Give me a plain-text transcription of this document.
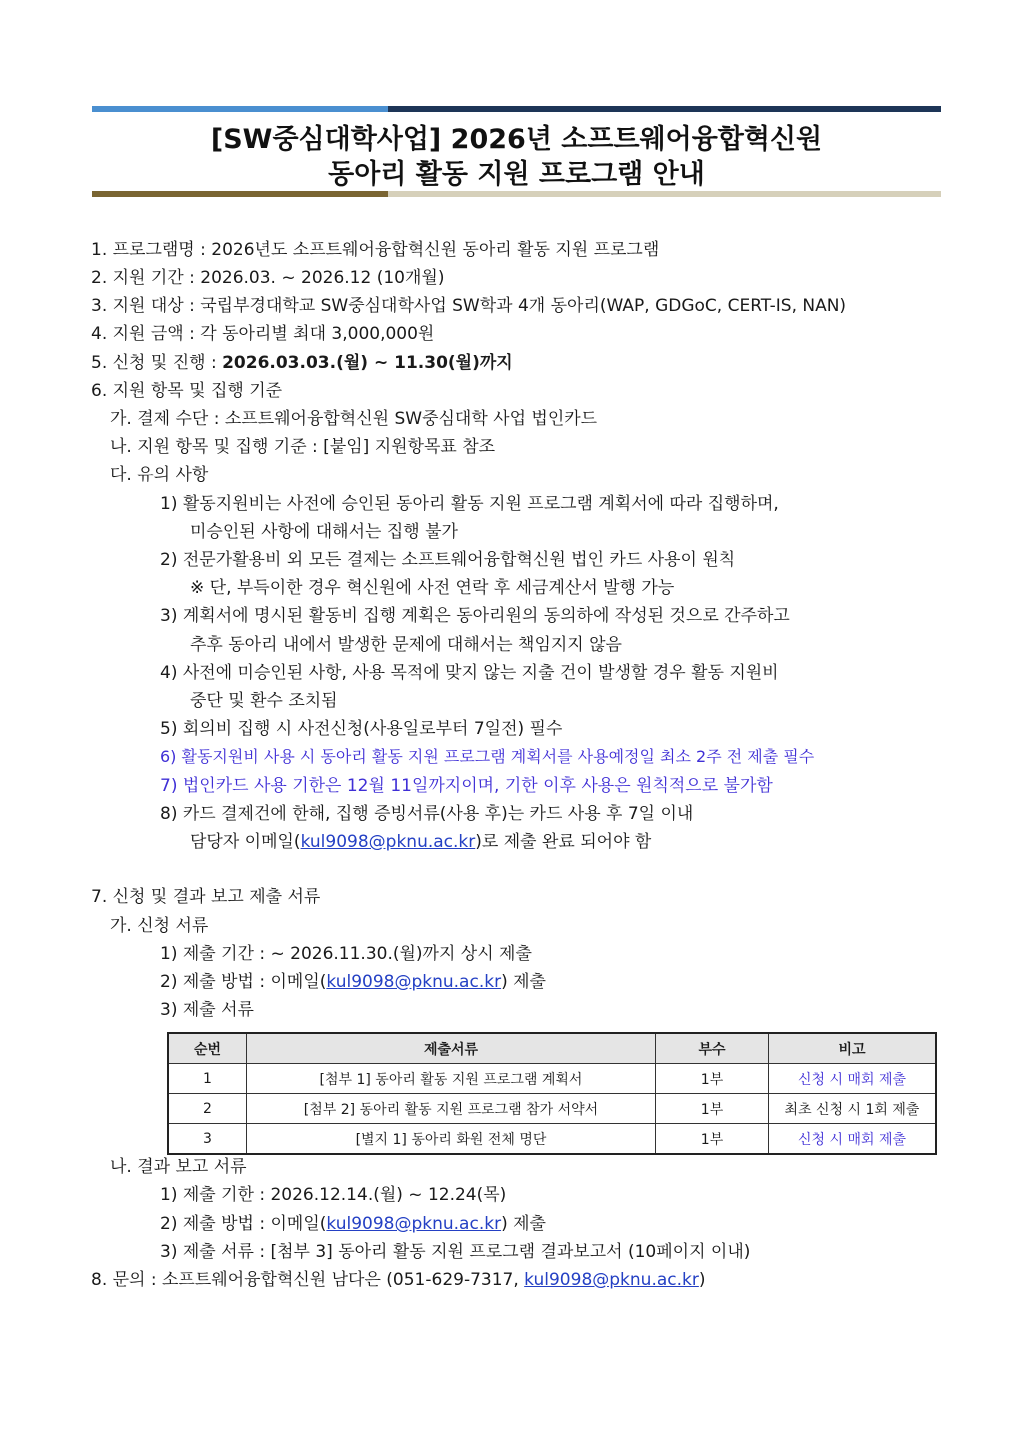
[SW중심대학사업] 2026년 소프트웨어융합혁신원
동아리 활동 지원 프로그램 안내
1. 프로그램명 : 2026년도 소프트웨어융합혁신원 동아리 활동 지원 프로그램
2. 지원 기간 : 2026.03. ~ 2026.12 (10개월)
3. 지원 대상 : 국립부경대학교 SW중심대학사업 SW학과 4개 동아리(WAP, GDGoC, CERT-IS, NAN)
4. 지원 금액 : 각 동아리별 최대 3,000,000원
5. 신청 및 진행 : 2026.03.03.(월) ~ 11.30(월)까지
6. 지원 항목 및 집행 기준
가. 결제 수단 : 소프트웨어융합혁신원 SW중심대학 사업 법인카드
나. 지원 항목 및 집행 기준 : [붙임] 지원항목표 참조
다. 유의 사항
1) 활동지원비는 사전에 승인된 동아리 활동 지원 프로그램 계획서에 따라 집행하며,
미승인된 사항에 대해서는 집행 불가
2) 전문가활용비 외 모든 결제는 소프트웨어융합혁신원 법인 카드 사용이 원칙
※ 단, 부득이한 경우 혁신원에 사전 연락 후 세금계산서 발행 가능
3) 계획서에 명시된 활동비 집행 계획은 동아리원의 동의하에 작성된 것으로 간주하고
추후 동아리 내에서 발생한 문제에 대해서는 책임지지 않음
4) 사전에 미승인된 사항, 사용 목적에 맞지 않는 지출 건이 발생할 경우 활동 지원비
중단 및 환수 조치됨
5) 회의비 집행 시 사전신청(사용일로부터 7일전) 필수
6) 활동지원비 사용 시 동아리 활동 지원 프로그램 계획서를 사용예정일 최소 2주 전 제출 필수
7) 법인카드 사용 기한은 12월 11일까지이며, 기한 이후 사용은 원칙적으로 불가함
8) 카드 결제건에 한해, 집행 증빙서류(사용 후)는 카드 사용 후 7일 이내
담당자 이메일(kul9098@pknu.ac.kr)로 제출 완료 되어야 함
7. 신청 및 결과 보고 제출 서류
가. 신청 서류
1) 제출 기간 : ~ 2026.11.30.(월)까지 상시 제출
2) 제출 방법 : 이메일(kul9098@pknu.ac.kr) 제출
3) 제출 서류
순번	제출서류	부수	비고
1	[첨부 1] 동아리 활동 지원 프로그램 계획서	1부	신청 시 매회 제출
2	[첨부 2] 동아리 활동 지원 프로그램 참가 서약서	1부	최초 신청 시 1회 제출
3	[별지 1] 동아리 화원 전체 명단	1부	신청 시 매회 제출
나. 결과 보고 서류
1) 제출 기한 : 2026.12.14.(월) ~ 12.24(목)
2) 제출 방법 : 이메일(kul9098@pknu.ac.kr) 제출
3) 제출 서류 : [첨부 3] 동아리 활동 지원 프로그램 결과보고서 (10페이지 이내)
8. 문의 : 소프트웨어융합혁신원 남다은 (051-629-7317, kul9098@pknu.ac.kr)
